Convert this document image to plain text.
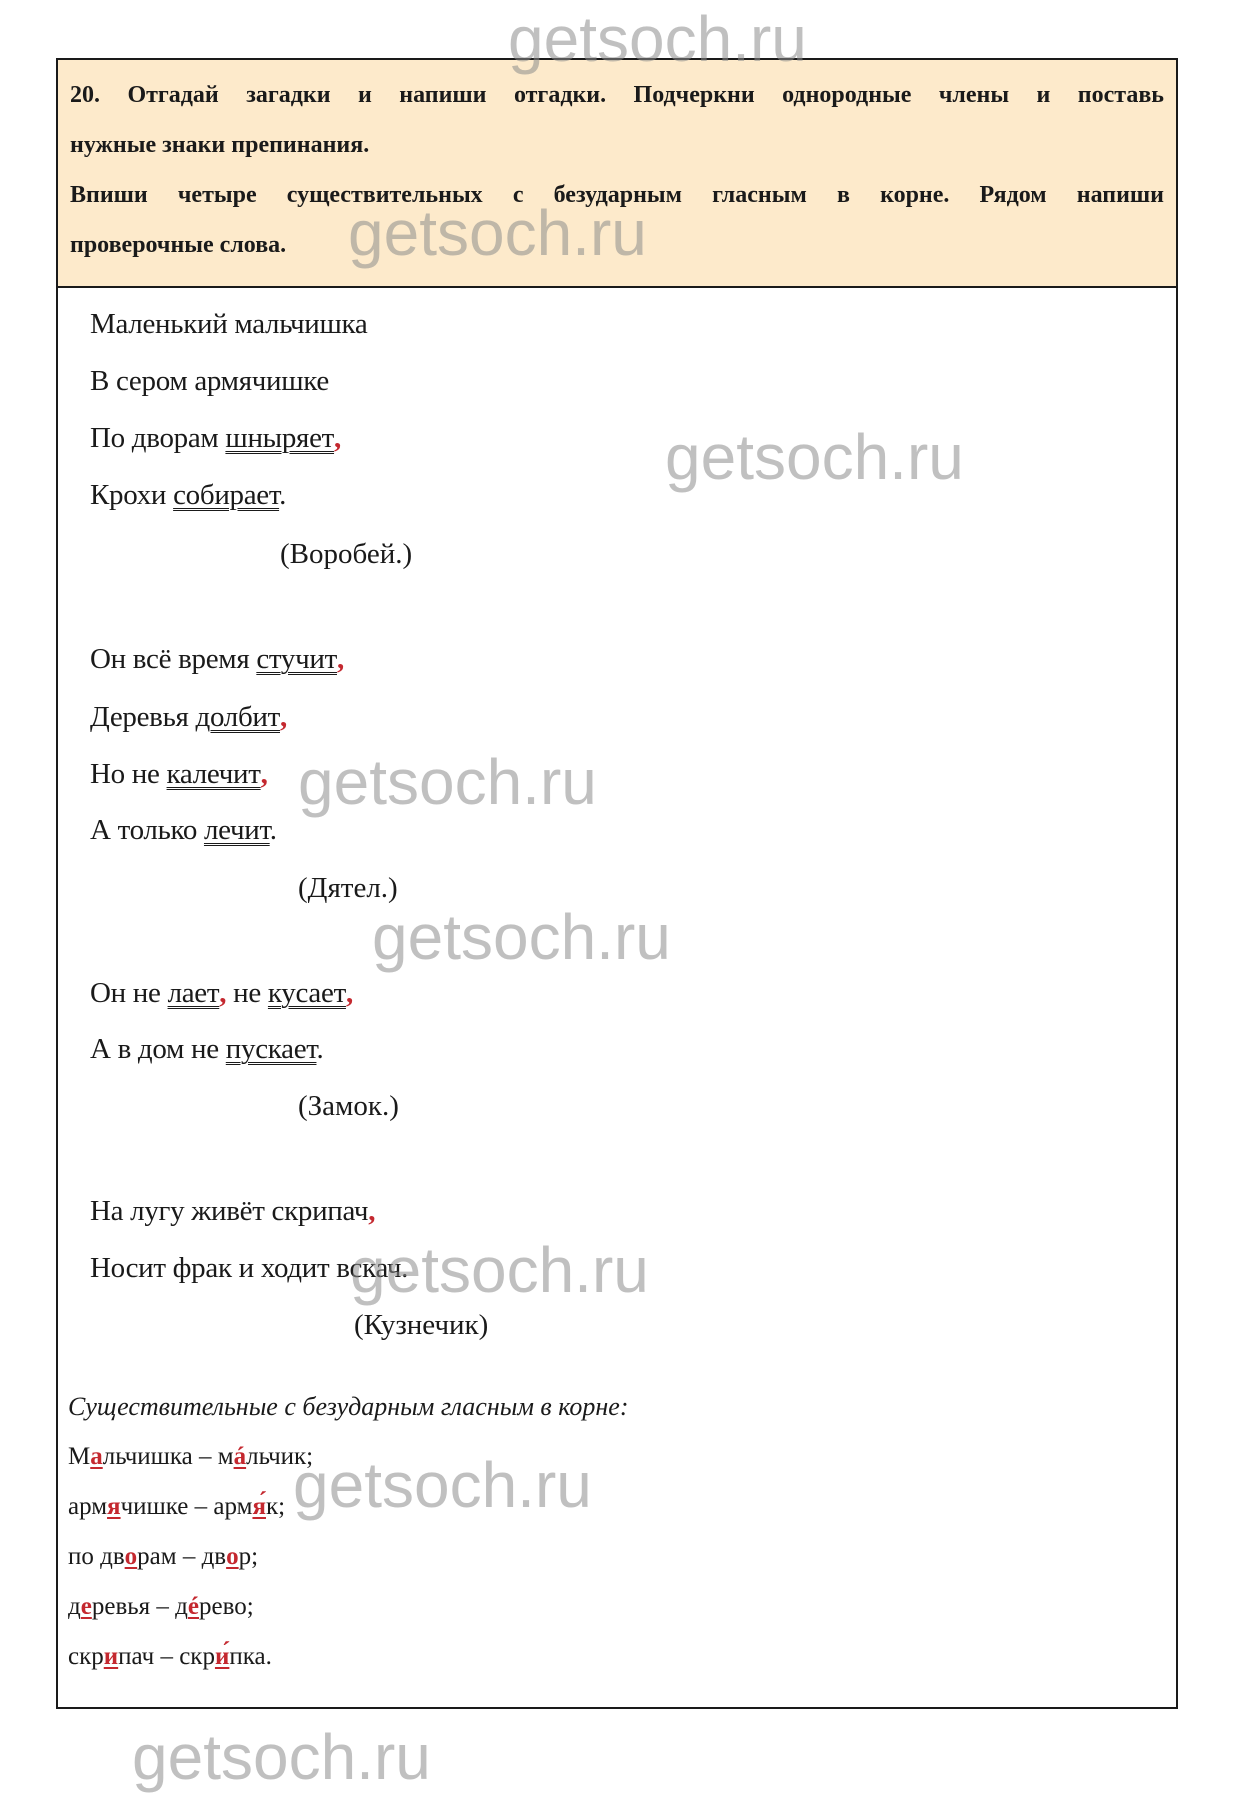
20. Отгадай загадки и напиши отгадки. Подчеркни однородные члены и поставь

нужные знаки препинания.

Впиши четыре существительных с безударным гласным в корне. Рядом напиши

проверочные слова.

Маленький мальчишка
В сером армячишке
По дворам шныряет,
Крохи собирает.
(Воробей.)
Он всё время стучит,
Деревья долбит,
Но не калечит,
А только лечит.
(Дятел.)
Он не лает, не кусает,
А в дом не пускает.
(Замок.)
На лугу живёт скрипач,
Носит фрак и ходит вскач.
(Кузнечик)
Существительные с безударным гласным в корне:
Мальчишка – мáльчик;
армячишке – армя́к;
по дворам – двор;
деревья – дéрево;
скрипач – скри́пка.
getsoch.ru
getsoch.ru
getsoch.ru
getsoch.ru
getsoch.ru
getsoch.ru
getsoch.ru
getsoch.ru
